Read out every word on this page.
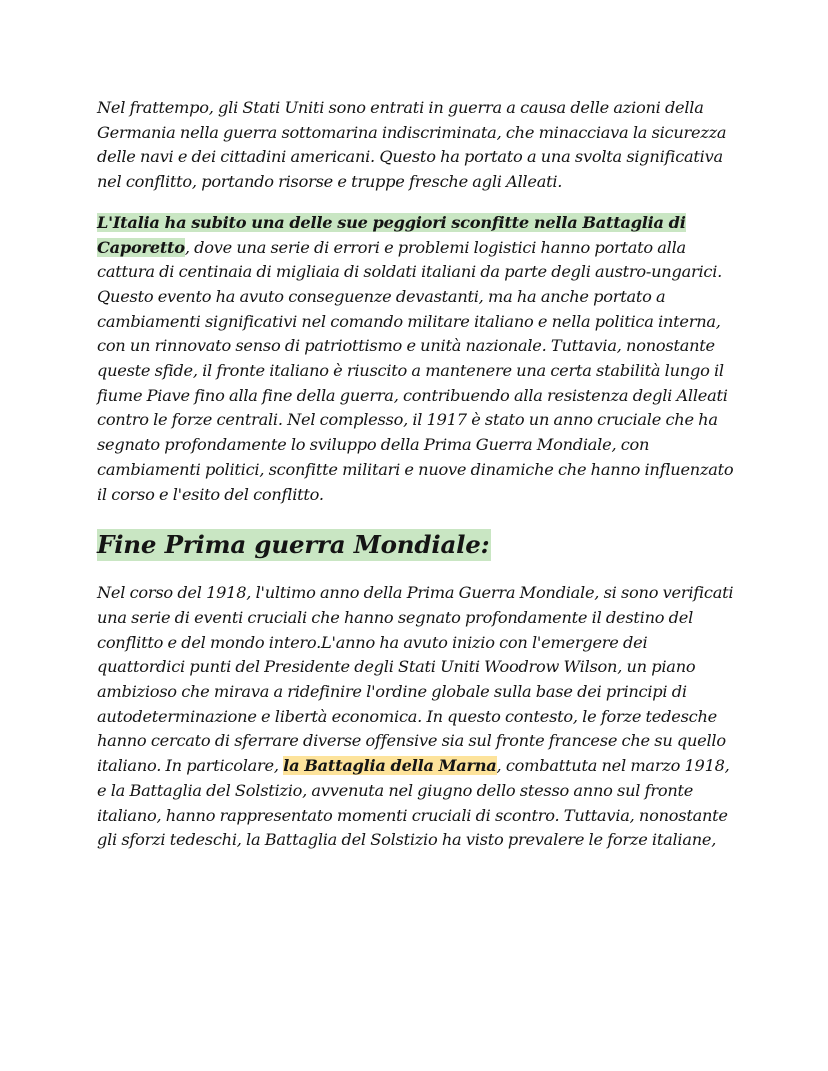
Nel frattempo, gli Stati Uniti sono entrati in guerra a causa delle azioni della Germania nella guerra sottomarina indiscriminata, che minacciava la sicurezza delle navi e dei cittadini americani. Questo ha portato a una svolta significativa nel conflitto, portando risorse e truppe fresche agli Alleati.

L'Italia ha subito una delle sue peggiori sconfitte nella Battaglia di Caporetto, dove una serie di errori e problemi logistici hanno portato alla cattura di centinaia di migliaia di soldati italiani da parte degli austro-ungarici. Questo evento ha avuto conseguenze devastanti, ma ha anche portato a cambiamenti significativi nel comando militare italiano e nella politica interna, con un rinnovato senso di patriottismo e unità nazionale. Tuttavia, nonostante queste sfide, il fronte italiano è riuscito a mantenere una certa stabilità lungo il fiume Piave fino alla fine della guerra, contribuendo alla resistenza degli Alleati contro le forze centrali. Nel complesso, il 1917 è stato un anno cruciale che ha segnato profondamente lo sviluppo della Prima Guerra Mondiale, con cambiamenti politici, sconfitte militari e nuove dinamiche che hanno influenzato il corso e l'esito del conflitto.

Fine Prima guerra Mondiale:

Nel corso del 1918, l'ultimo anno della Prima Guerra Mondiale, si sono verificati una serie di eventi cruciali che hanno segnato profondamente il destino del conflitto e del mondo intero.L'anno ha avuto inizio con l'emergere dei quattordici punti del Presidente degli Stati Uniti Woodrow Wilson, un piano ambizioso che mirava a ridefinire l'ordine globale sulla base dei principi di autodeterminazione e libertà economica. In questo contesto, le forze tedesche hanno cercato di sferrare diverse offensive sia sul fronte francese che su quello italiano. In particolare, la Battaglia della Marna, combattuta nel marzo 1918, e la Battaglia del Solstizio, avvenuta nel giugno dello stesso anno sul fronte italiano, hanno rappresentato momenti cruciali di scontro. Tuttavia, nonostante gli sforzi tedeschi, la Battaglia del Solstizio ha visto prevalere le forze italiane,
